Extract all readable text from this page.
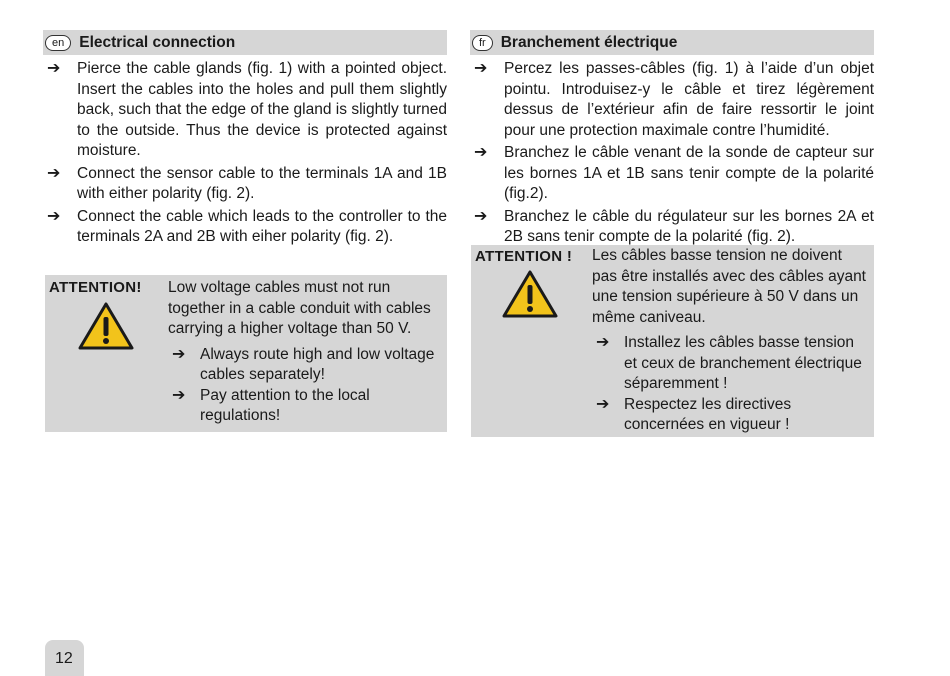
en Electrical connection
➔	Pierce the cable glands (fig. 1) with a pointed object. Insert the cables into the holes and pull them slightly back, such that the edge of the gland is slightly turned to the outside. Thus the device is protected against moisture.
➔	Connect the sensor cable to the terminals 1A and 1B with either polarity (fig. 2).
➔	Connect the cable which leads to the controller to the terminals 2A and 2B with eiher polarity (fig. 2).
ATTENTION! Low voltage cables must not run together in a cable conduit with cables carrying a higher voltage than 50 V.
➔ Always route high and low voltage cables separately!
➔ Pay attention to the local regulations!
fr Branchement électrique
➔	Percez les passes-câbles (fig. 1) à l’aide d’un objet pointu. Introduisez-y le câble et tirez légèrement dessus de l’extérieur afin de faire ressortir le joint pour une protection maximale contre l’humidité.
➔	Branchez le câble venant de la sonde de capteur sur les bornes 1A et 1B sans tenir compte de la polarité (fig.2).
➔	Branchez le câble du régulateur sur les bornes 2A et 2B sans tenir compte de la polarité (fig. 2).
ATTENTION ! Les câbles basse tension ne doivent pas être installés avec des câbles ayant une tension supérieure à 50 V dans un même caniveau.
➔ Installez les câbles basse tension et ceux de branchement électrique séparemment !
➔ Respectez les directives concernées en vigueur !
12
